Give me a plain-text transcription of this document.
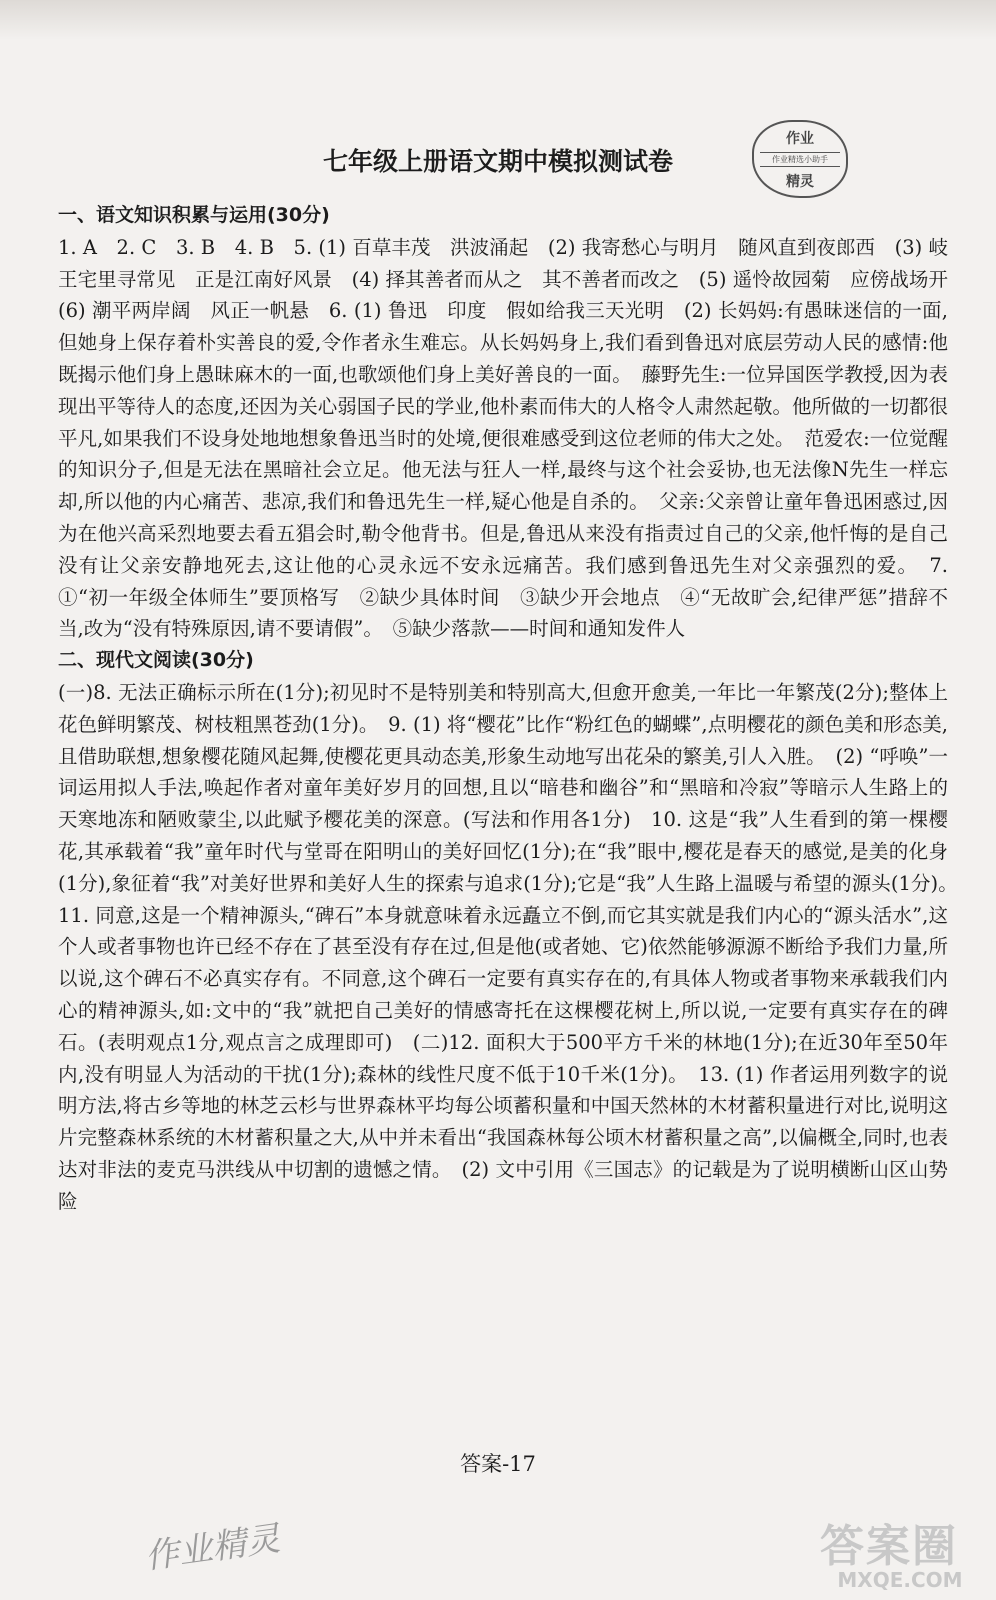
作业
作业精选小助手
精灵
七年级上册语文期中模拟测试卷
一、语文知识积累与运用(30分)
1. A　2. C　3. B　4. B　5. (1) 百草丰茂　洪波涌起　(2) 我寄愁心与明月　随风直到夜郎西　(3) 岐王宅里寻常见　正是江南好风景　(4) 择其善者而从之　其不善者而改之　(5) 遥怜故园菊　应傍战场开　(6) 潮平两岸阔　风正一帆悬　6. (1) 鲁迅　印度　假如给我三天光明　(2) 长妈妈:有愚昧迷信的一面,但她身上保存着朴实善良的爱,令作者永生难忘。从长妈妈身上,我们看到鲁迅对底层劳动人民的感情:他既揭示他们身上愚昧麻木的一面,也歌颂他们身上美好善良的一面。　藤野先生:一位异国医学教授,因为表现出平等待人的态度,还因为关心弱国子民的学业,他朴素而伟大的人格令人肃然起敬。他所做的一切都很平凡,如果我们不设身处地地想象鲁迅当时的处境,便很难感受到这位老师的伟大之处。　范爱农:一位觉醒的知识分子,但是无法在黑暗社会立足。他无法与狂人一样,最终与这个社会妥协,也无法像N先生一样忘却,所以他的内心痛苦、悲凉,我们和鲁迅先生一样,疑心他是自杀的。　父亲:父亲曾让童年鲁迅困惑过,因为在他兴高采烈地要去看五猖会时,勒令他背书。但是,鲁迅从来没有指责过自己的父亲,他忏悔的是自己没有让父亲安静地死去,这让他的心灵永远不安永远痛苦。我们感到鲁迅先生对父亲强烈的爱。　7.　①“初一年级全体师生”要顶格写　②缺少具体时间　③缺少开会地点　④“无故旷会,纪律严惩”措辞不当,改为“没有特殊原因,请不要请假”。　⑤缺少落款——时间和通知发件人
二、现代文阅读(30分)
(一)8. 无法正确标示所在(1分);初见时不是特别美和特别高大,但愈开愈美,一年比一年繁茂(2分);整体上花色鲜明繁茂、树枝粗黑苍劲(1分)。　9. (1) 将“樱花”比作“粉红色的蝴蝶”,点明樱花的颜色美和形态美,且借助联想,想象樱花随风起舞,使樱花更具动态美,形象生动地写出花朵的繁美,引人入胜。　(2) “呼唤”一词运用拟人手法,唤起作者对童年美好岁月的回想,且以“暗巷和幽谷”和“黑暗和冷寂”等暗示人生路上的天寒地冻和陋败蒙尘,以此赋予樱花美的深意。(写法和作用各1分)　10. 这是“我”人生看到的第一棵樱花,其承载着“我”童年时代与堂哥在阳明山的美好回忆(1分);在“我”眼中,樱花是春天的感觉,是美的化身(1分),象征着“我”对美好世界和美好人生的探索与追求(1分);它是“我”人生路上温暖与希望的源头(1分)。　11. 同意,这是一个精神源头,“碑石”本身就意味着永远矗立不倒,而它其实就是我们内心的“源头活水”,这个人或者事物也许已经不存在了甚至没有存在过,但是他(或者她、它)依然能够源源不断给予我们力量,所以说,这个碑石不必真实存有。不同意,这个碑石一定要有真实存在的,有具体人物或者事物来承载我们内心的精神源头,如:文中的“我”就把自己美好的情感寄托在这棵樱花树上,所以说,一定要有真实存在的碑石。(表明观点1分,观点言之成理即可)　(二)12. 面积大于500平方千米的林地(1分);在近30年至50年内,没有明显人为活动的干扰(1分);森林的线性尺度不低于10千米(1分)。　13. (1) 作者运用列数字的说明方法,将古乡等地的林芝云杉与世界森林平均每公顷蓄积量和中国天然林的木材蓄积量进行对比,说明这片完整森林系统的木材蓄积量之大,从中并未看出“我国森林每公顷木材蓄积量之高”,以偏概全,同时,也表达对非法的麦克马洪线从中切割的遗憾之情。　(2) 文中引用《三国志》的记载是为了说明横断山区山势险
答案-17
作业精灵	答案圈
MXQE.COM
